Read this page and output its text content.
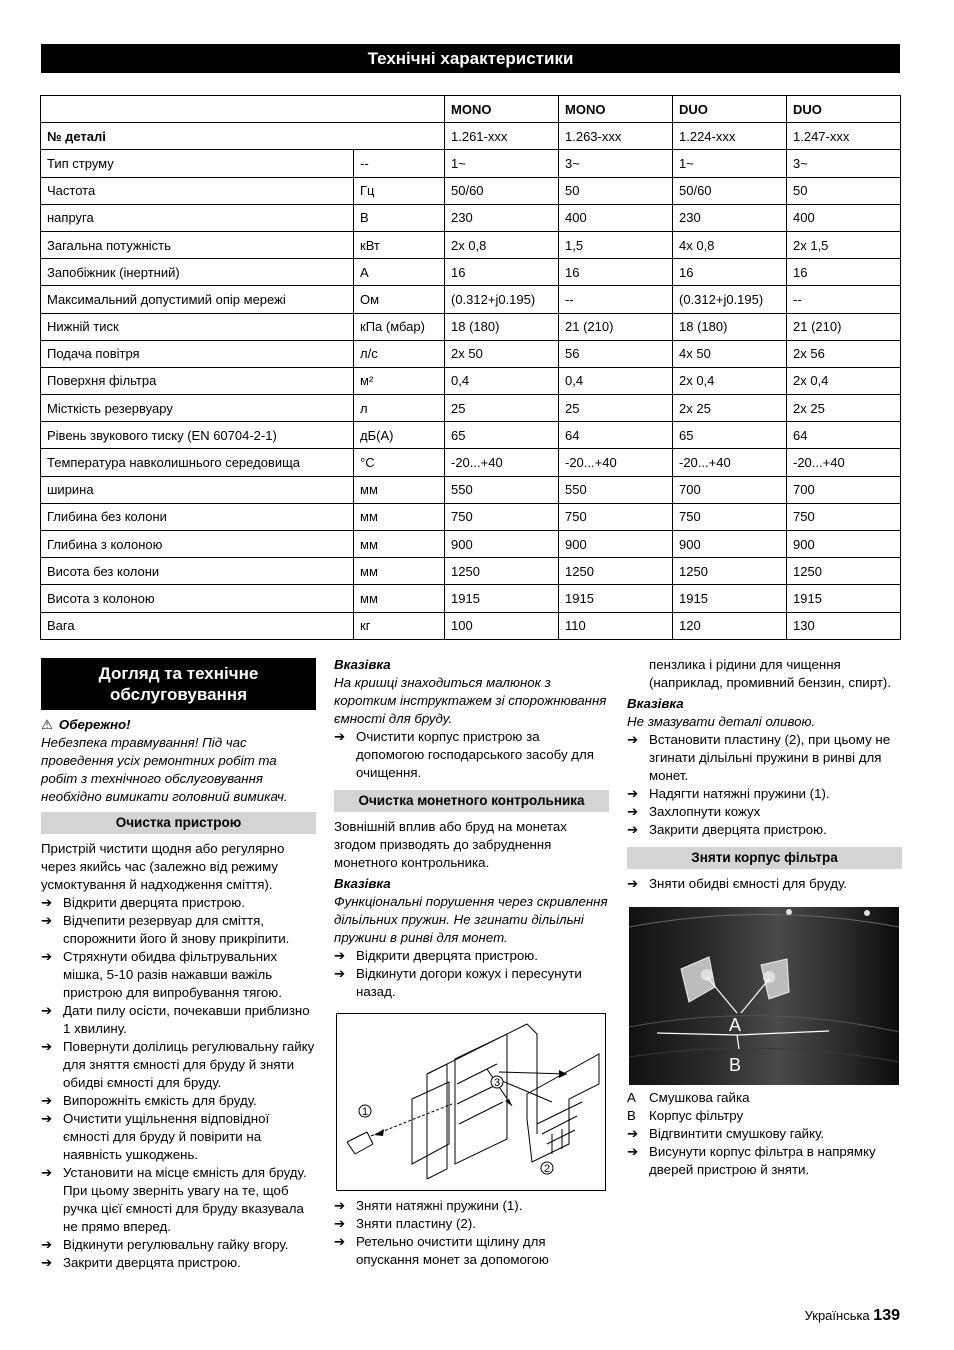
Технічні характеристики
		MONO	MONO	DUO	DUO
№ деталі		1.261-xxx	1.263-xxx	1.224-xxx	1.247-xxx
Тип струму	--	1~	3~	1~	3~
Частота	Гц	50/60	50	50/60	50
напруга	В	230	400	230	400
Загальна потужність	кВт	2x 0,8	1,5	4x 0,8	2x 1,5
Запобіжник (інертний)	A	16	16	16	16
Максимальний допустимий опір мережі	Ом	(0.312+j0.195)	--	(0.312+j0.195)	--
Нижній тиск	кПа (мбар)	18 (180)	21 (210)	18 (180)	21 (210)
Подача повітря	л/с	2x 50	56	4x 50	2x 56
Поверхня фільтра	м²	0,4	0,4	2x 0,4	2x 0,4
Місткість резервуару	л	25	25	2x 25	2x 25
Рівень звукового тиску (EN 60704-2-1)	дБ(A)	65	64	65	64
Температура навколишнього середовища	°C	-20...+40	-20...+40	-20...+40	-20...+40
ширина	мм	550	550	700	700
Глибина без колони	мм	750	750	750	750
Глибина з колоною	мм	900	900	900	900
Висота без колони	мм	1250	1250	1250	1250
Висота з колоною	мм	1915	1915	1915	1915
Вага	кг	100	110	120	130
Догляд та технічне обслуговування
⚠ Обережно!

Небезпека травмування! Під час проведення усіх ремонтних робіт та робіт з технічного обслуговування необхідно вимикати головний вимикач.

Очистка пристрою

Пристрій чистити щодня або регулярно через якийсь час (залежно від режиму усмоктування й надходження сміття).

➔ Відкрити дверцята пристрою.
➔ Відчепити резервуар для сміття, спорожнити його й знову прикріпити.
➔ Стряхнути обидва фільтрувальних мішка, 5-10 разів нажавши важіль пристрою для випробування тягою.
➔ Дати пилу осісти, почекавши приблизно 1 хвилину.
➔ Повернути долілиць регулювальну гайку для зняття ємності для бруду й зняти обидві ємності для бруду.
➔ Випорожніть ємкість для бруду.
➔ Очистити ущільнення відповідної ємності для бруду й повірити на наявність ушкоджень.
➔ Установити на місце ємність для бруду. При цьому зверніть увагу на те, щоб ручка цієї ємності для бруду вказувала не прямо вперед.
➔ Відкинути регулювальну гайку вгору.
➔ Закрити дверцята пристрою.
Вказівка

На кришці знаходиться малюнок з коротким інструктажем зі спорожнювання ємності для бруду.

➔ Очистити корпус пристрою за допомогою господарського засобу для очищення.
Очистка монетного контрольника

Зовнішній вплив або бруд на монетах згодом призводять до забруднення монетного контрольника.

Вказівка

Функціональні порушення через скривлення дільільних пружин. Не згинати дільільні пружини в ринві для монет.

➔ Відкрити дверцята пристрою.
➔ Відкинути догори кожух і пересунути назад.
1
2
3
➔ Зняти натяжні пружини (1).
➔ Зняти пластину (2).
➔ Ретельно очистити щілину для опускання монет за допомогою

пензлика і рідини для чищення (наприклад, промивний бензин, спирт).

Вказівка

Не змазувати деталі оливою.

➔ Встановити пластину (2), при цьому не згинати дільільні пружини в ринві для монет.
➔ Надягти натяжні пружини (1).
➔ Захлопнути кожух
➔ Закрити дверцята пристрою.
Зняти корпус фільтра
➔ Зняти обидві ємності для бруду.
A
B
A Смушкова гайка
B Корпус фільтру
➔ Відгвинтити смушкову гайку.
➔ Висунути корпус фільтра в напрямку дверей пристрою й зняти.
Українська 139
